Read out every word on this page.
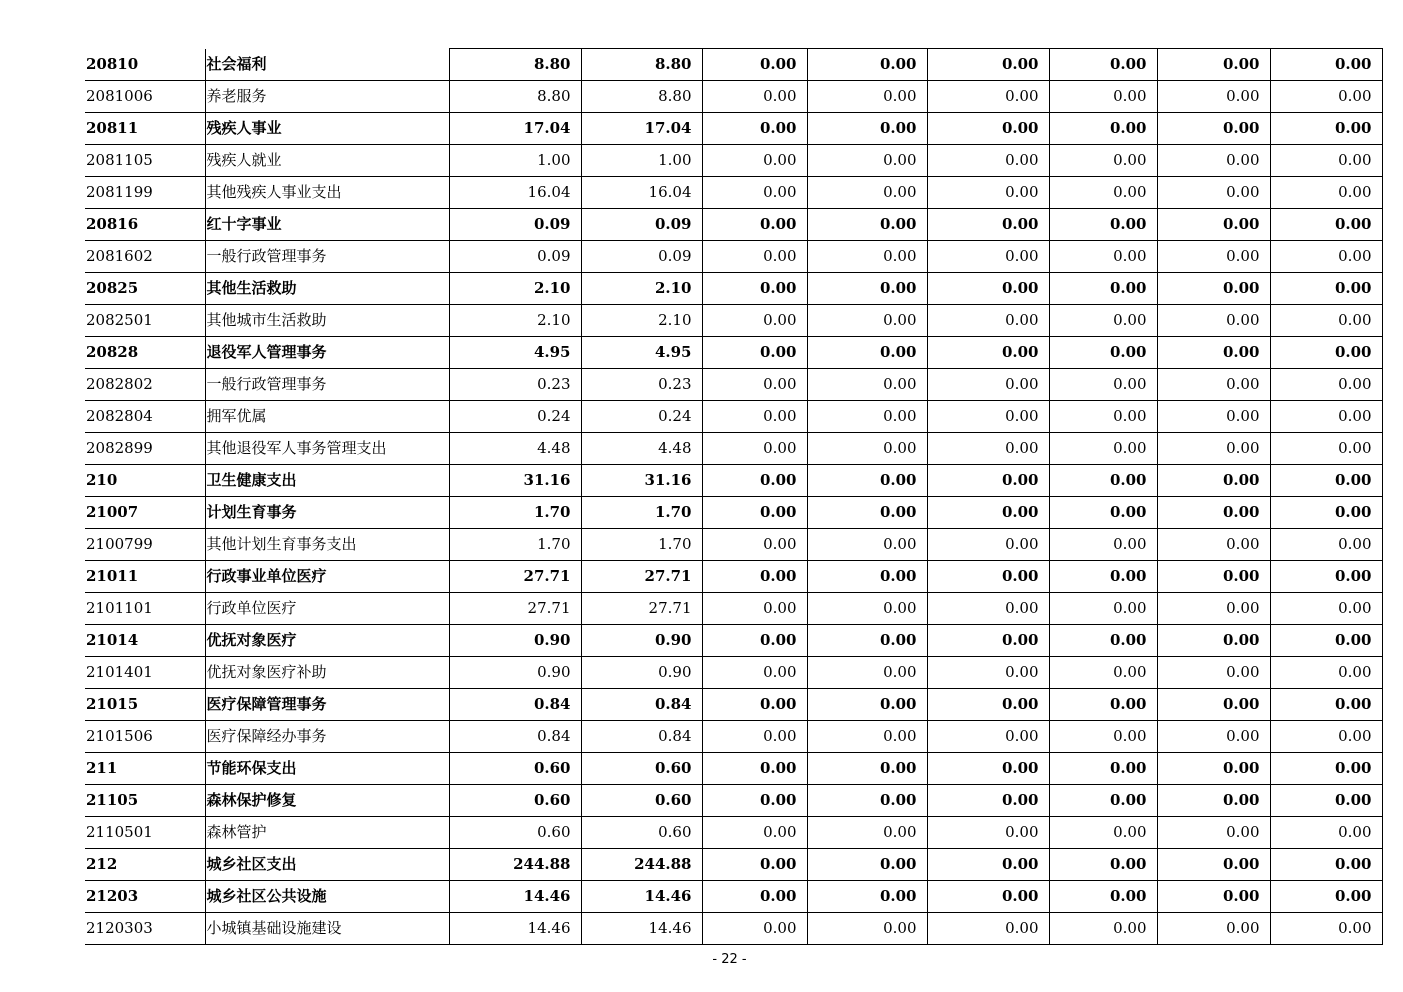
20810	社会福利	8.80	8.80	0.00	0.00	0.00	0.00	0.00	0.00
2081006	养老服务	8.80	8.80	0.00	0.00	0.00	0.00	0.00	0.00
20811	残疾人事业	17.04	17.04	0.00	0.00	0.00	0.00	0.00	0.00
2081105	残疾人就业	1.00	1.00	0.00	0.00	0.00	0.00	0.00	0.00
2081199	其他残疾人事业支出	16.04	16.04	0.00	0.00	0.00	0.00	0.00	0.00
20816	红十字事业	0.09	0.09	0.00	0.00	0.00	0.00	0.00	0.00
2081602	一般行政管理事务	0.09	0.09	0.00	0.00	0.00	0.00	0.00	0.00
20825	其他生活救助	2.10	2.10	0.00	0.00	0.00	0.00	0.00	0.00
2082501	其他城市生活救助	2.10	2.10	0.00	0.00	0.00	0.00	0.00	0.00
20828	退役军人管理事务	4.95	4.95	0.00	0.00	0.00	0.00	0.00	0.00
2082802	一般行政管理事务	0.23	0.23	0.00	0.00	0.00	0.00	0.00	0.00
2082804	拥军优属	0.24	0.24	0.00	0.00	0.00	0.00	0.00	0.00
2082899	其他退役军人事务管理支出	4.48	4.48	0.00	0.00	0.00	0.00	0.00	0.00
210	卫生健康支出	31.16	31.16	0.00	0.00	0.00	0.00	0.00	0.00
21007	计划生育事务	1.70	1.70	0.00	0.00	0.00	0.00	0.00	0.00
2100799	其他计划生育事务支出	1.70	1.70	0.00	0.00	0.00	0.00	0.00	0.00
21011	行政事业单位医疗	27.71	27.71	0.00	0.00	0.00	0.00	0.00	0.00
2101101	行政单位医疗	27.71	27.71	0.00	0.00	0.00	0.00	0.00	0.00
21014	优抚对象医疗	0.90	0.90	0.00	0.00	0.00	0.00	0.00	0.00
2101401	优抚对象医疗补助	0.90	0.90	0.00	0.00	0.00	0.00	0.00	0.00
21015	医疗保障管理事务	0.84	0.84	0.00	0.00	0.00	0.00	0.00	0.00
2101506	医疗保障经办事务	0.84	0.84	0.00	0.00	0.00	0.00	0.00	0.00
211	节能环保支出	0.60	0.60	0.00	0.00	0.00	0.00	0.00	0.00
21105	森林保护修复	0.60	0.60	0.00	0.00	0.00	0.00	0.00	0.00
2110501	森林管护	0.60	0.60	0.00	0.00	0.00	0.00	0.00	0.00
212	城乡社区支出	244.88	244.88	0.00	0.00	0.00	0.00	0.00	0.00
21203	城乡社区公共设施	14.46	14.46	0.00	0.00	0.00	0.00	0.00	0.00
2120303	小城镇基础设施建设	14.46	14.46	0.00	0.00	0.00	0.00	0.00	0.00
- 22 -
